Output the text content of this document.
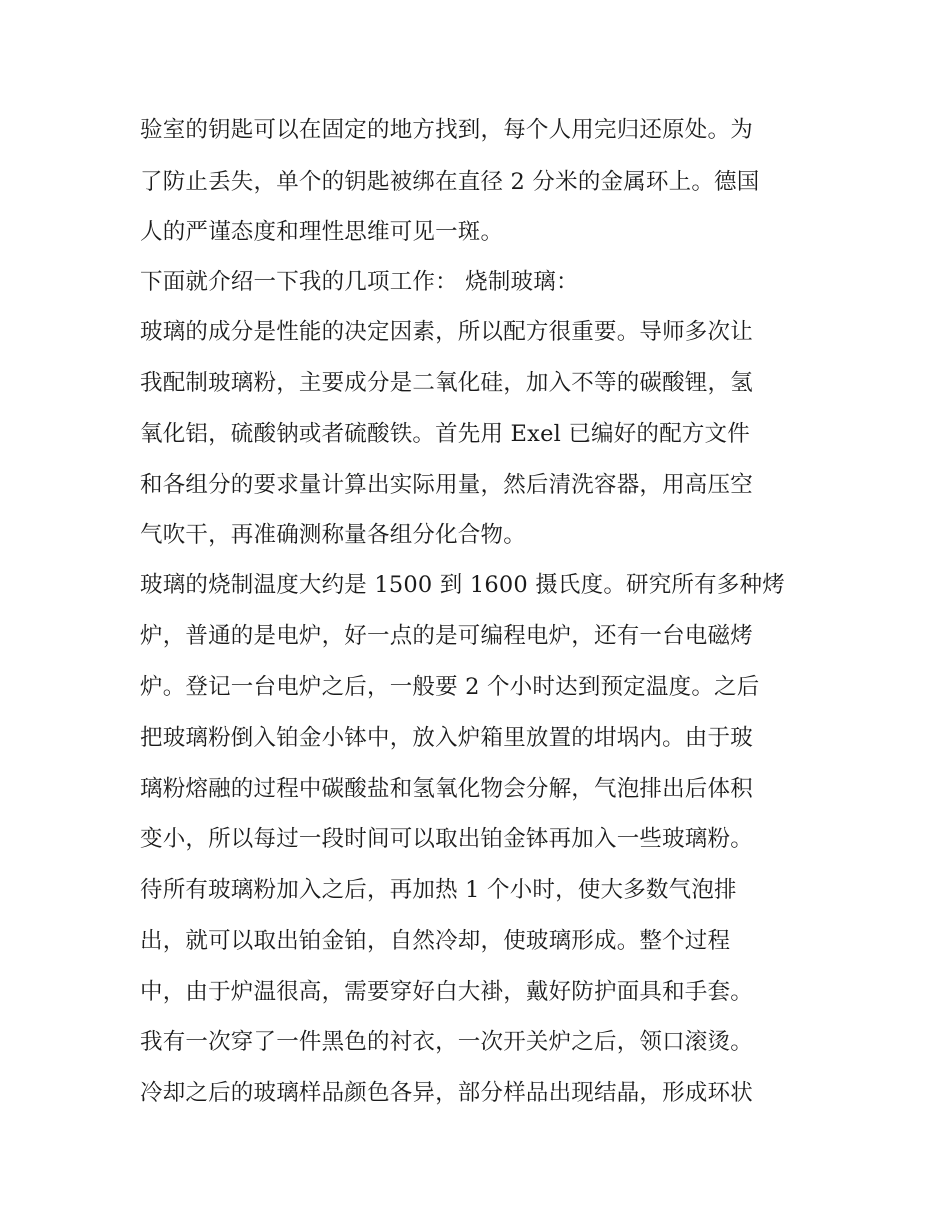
验室的钥匙可以在固定的地方找到，每个人用完归还原处。为
了防止丢失，单个的钥匙被绑在直径 2 分米的金属环上。德国
人的严谨态度和理性思维可见一斑。
下面就介绍一下我的几项工作： 烧制玻璃：
玻璃的成分是性能的决定因素，所以配方很重要。导师多次让
我配制玻璃粉，主要成分是二氧化硅，加入不等的碳酸锂，氢
氧化铝，硫酸钠或者硫酸铁。首先用 Exel 已编好的配方文件
和各组分的要求量计算出实际用量，然后清洗容器，用高压空
气吹干，再准确测称量各组分化合物。
玻璃的烧制温度大约是 1500 到 1600 摄氏度。研究所有多种烤
炉，普通的是电炉，好一点的是可编程电炉，还有一台电磁烤
炉。登记一台电炉之后，一般要 2 个小时达到预定温度。之后
把玻璃粉倒入铂金小钵中，放入炉箱里放置的坩埚内。由于玻
璃粉熔融的过程中碳酸盐和氢氧化物会分解，气泡排出后体积
变小，所以每过一段时间可以取出铂金钵再加入一些玻璃粉。
待所有玻璃粉加入之后，再加热 1 个小时，使大多数气泡排
出，就可以取出铂金铂，自然冷却，使玻璃形成。整个过程
中，由于炉温很高，需要穿好白大褂，戴好防护面具和手套。
我有一次穿了一件黑色的衬衣，一次开关炉之后，领口滚烫。
冷却之后的玻璃样品颜色各异，部分样品出现结晶，形成环状
